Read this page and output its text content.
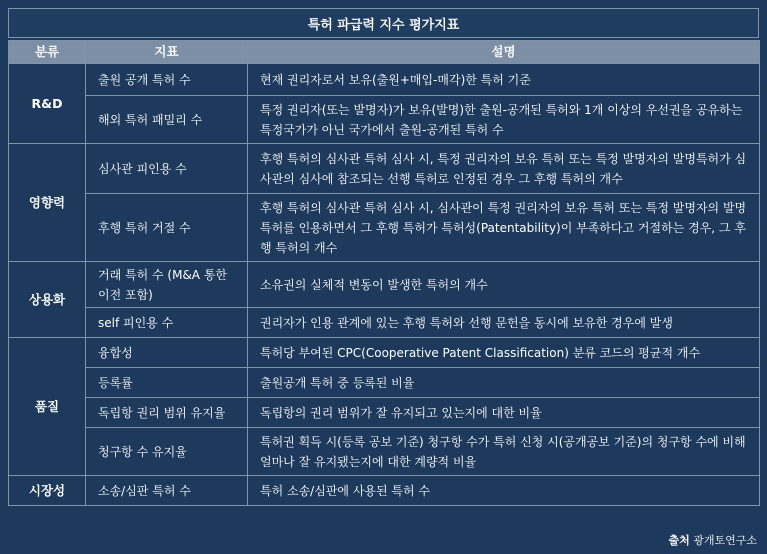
특허 파급력 지수 평가지표
분류	지표	설명
R&D	출원 공개 특허 수	현재 권리자로서 보유(출원+매입-매각)한 특허 기준
	해외 특허 패밀리 수	특정 권리자(또는 발명자)가 보유(발명)한 출원-공개된 특허와 1개 이상의 우선권을 공유하는 특정국가가 아닌 국가에서 출원-공개된 특허 수
영향력	심사관 피인용 수	후행 특허의 심사관 특허 심사 시, 특정 권리자의 보유 특허 또는 특정 발명자의 발명특허가 심사관의 심사에 참조되는 선행 특허로 인정된 경우 그 후행 특허의 개수
	후행 특허 거절 수	후행 특허의 심사관 특허 심사 시, 심사관이 특정 권리자의 보유 특허 또는 특정 발명자의 발명특허를 인용하면서 그 후행 특허가 특허성(Patentability)이 부족하다고 거절하는 경우, 그 후행 특허의 개수
상용화	거래 특허 수 (M&A 통한 이전 포함)	소유권의 실체적 변동이 발생한 특허의 개수
	self 피인용 수	권리자가 인용 관계에 있는 후행 특허와 선행 문헌을 동시에 보유한 경우에 발생
품질	융합성	특허당 부여된 CPC(Cooperative Patent Classification) 분류 코드의 평균적 개수
	등록률	출원공개 특허 중 등록된 비율
	독립항 권리 범위 유지율	독립항의 권리 범위가 잘 유지되고 있는지에 대한 비율
	청구항 수 유지율	특허권 획득 시(등록 공보 기준) 청구항 수가 특허 신청 시(공개공보 기준)의 청구항 수에 비해 얼마나 잘 유지됐는지에 대한 계량적 비율
시장성	소송/심판 특허 수	특허 소송/심판에 사용된 특허 수
출처 광개토연구소
